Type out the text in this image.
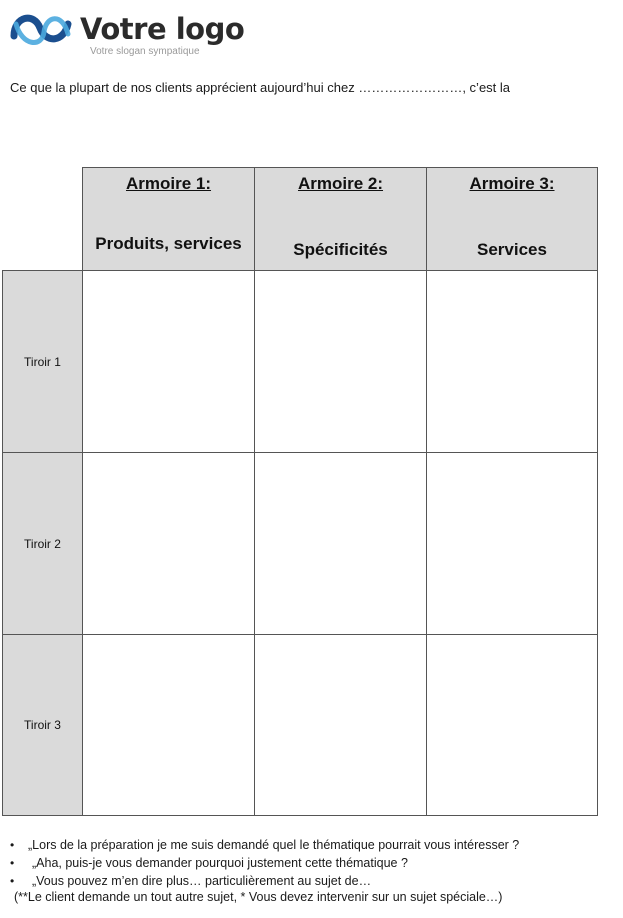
Votre logo
Votre slogan sympatique
Ce que la plupart de nos clients apprécient aujourd’hui chez ……………………, c’est la
Armoire 1:
Produits, services
Armoire 2:
Spécificités
Armoire 3:
Services
Tiroir 1
Tiroir 2
Tiroir 3
• „Lors de la préparation je me suis demandé quel le thématique pourrait vous intéresser ?
• „Aha, puis-je vous demander pourquoi justement cette thématique ?
• „Vous pouvez m’en dire plus… particulièrement au sujet de…
(**Le client demande un tout autre sujet, * Vous devez intervenir sur un sujet spéciale…)
